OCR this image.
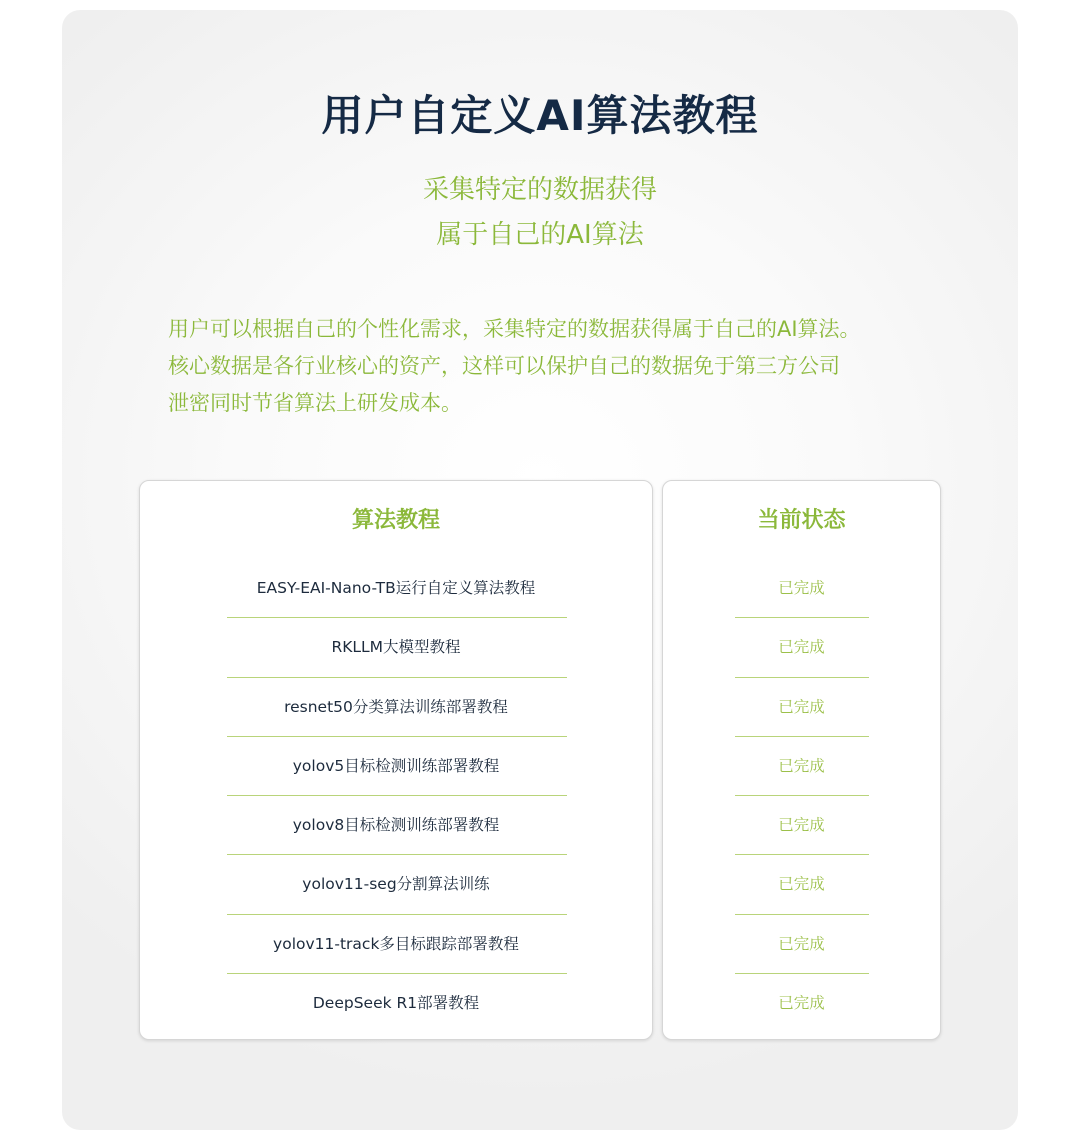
用户自定义AI算法教程
采集特定的数据获得
属于自己的AI算法
用户可以根据自己的个性化需求，采集特定的数据获得属于自己的AI算法。
核心数据是各行业核心的资产，这样可以保护自己的数据免于第三方公司
泄密同时节省算法上研发成本。
算法教程
EASY-EAI-Nano-TB运行自定义算法教程
RKLLM大模型教程
resnet50分类算法训练部署教程
yolov5目标检测训练部署教程
yolov8目标检测训练部署教程
yolov11-seg分割算法训练
yolov11-track多目标跟踪部署教程
DeepSeek R1部署教程
当前状态
已完成
已完成
已完成
已完成
已完成
已完成
已完成
已完成
